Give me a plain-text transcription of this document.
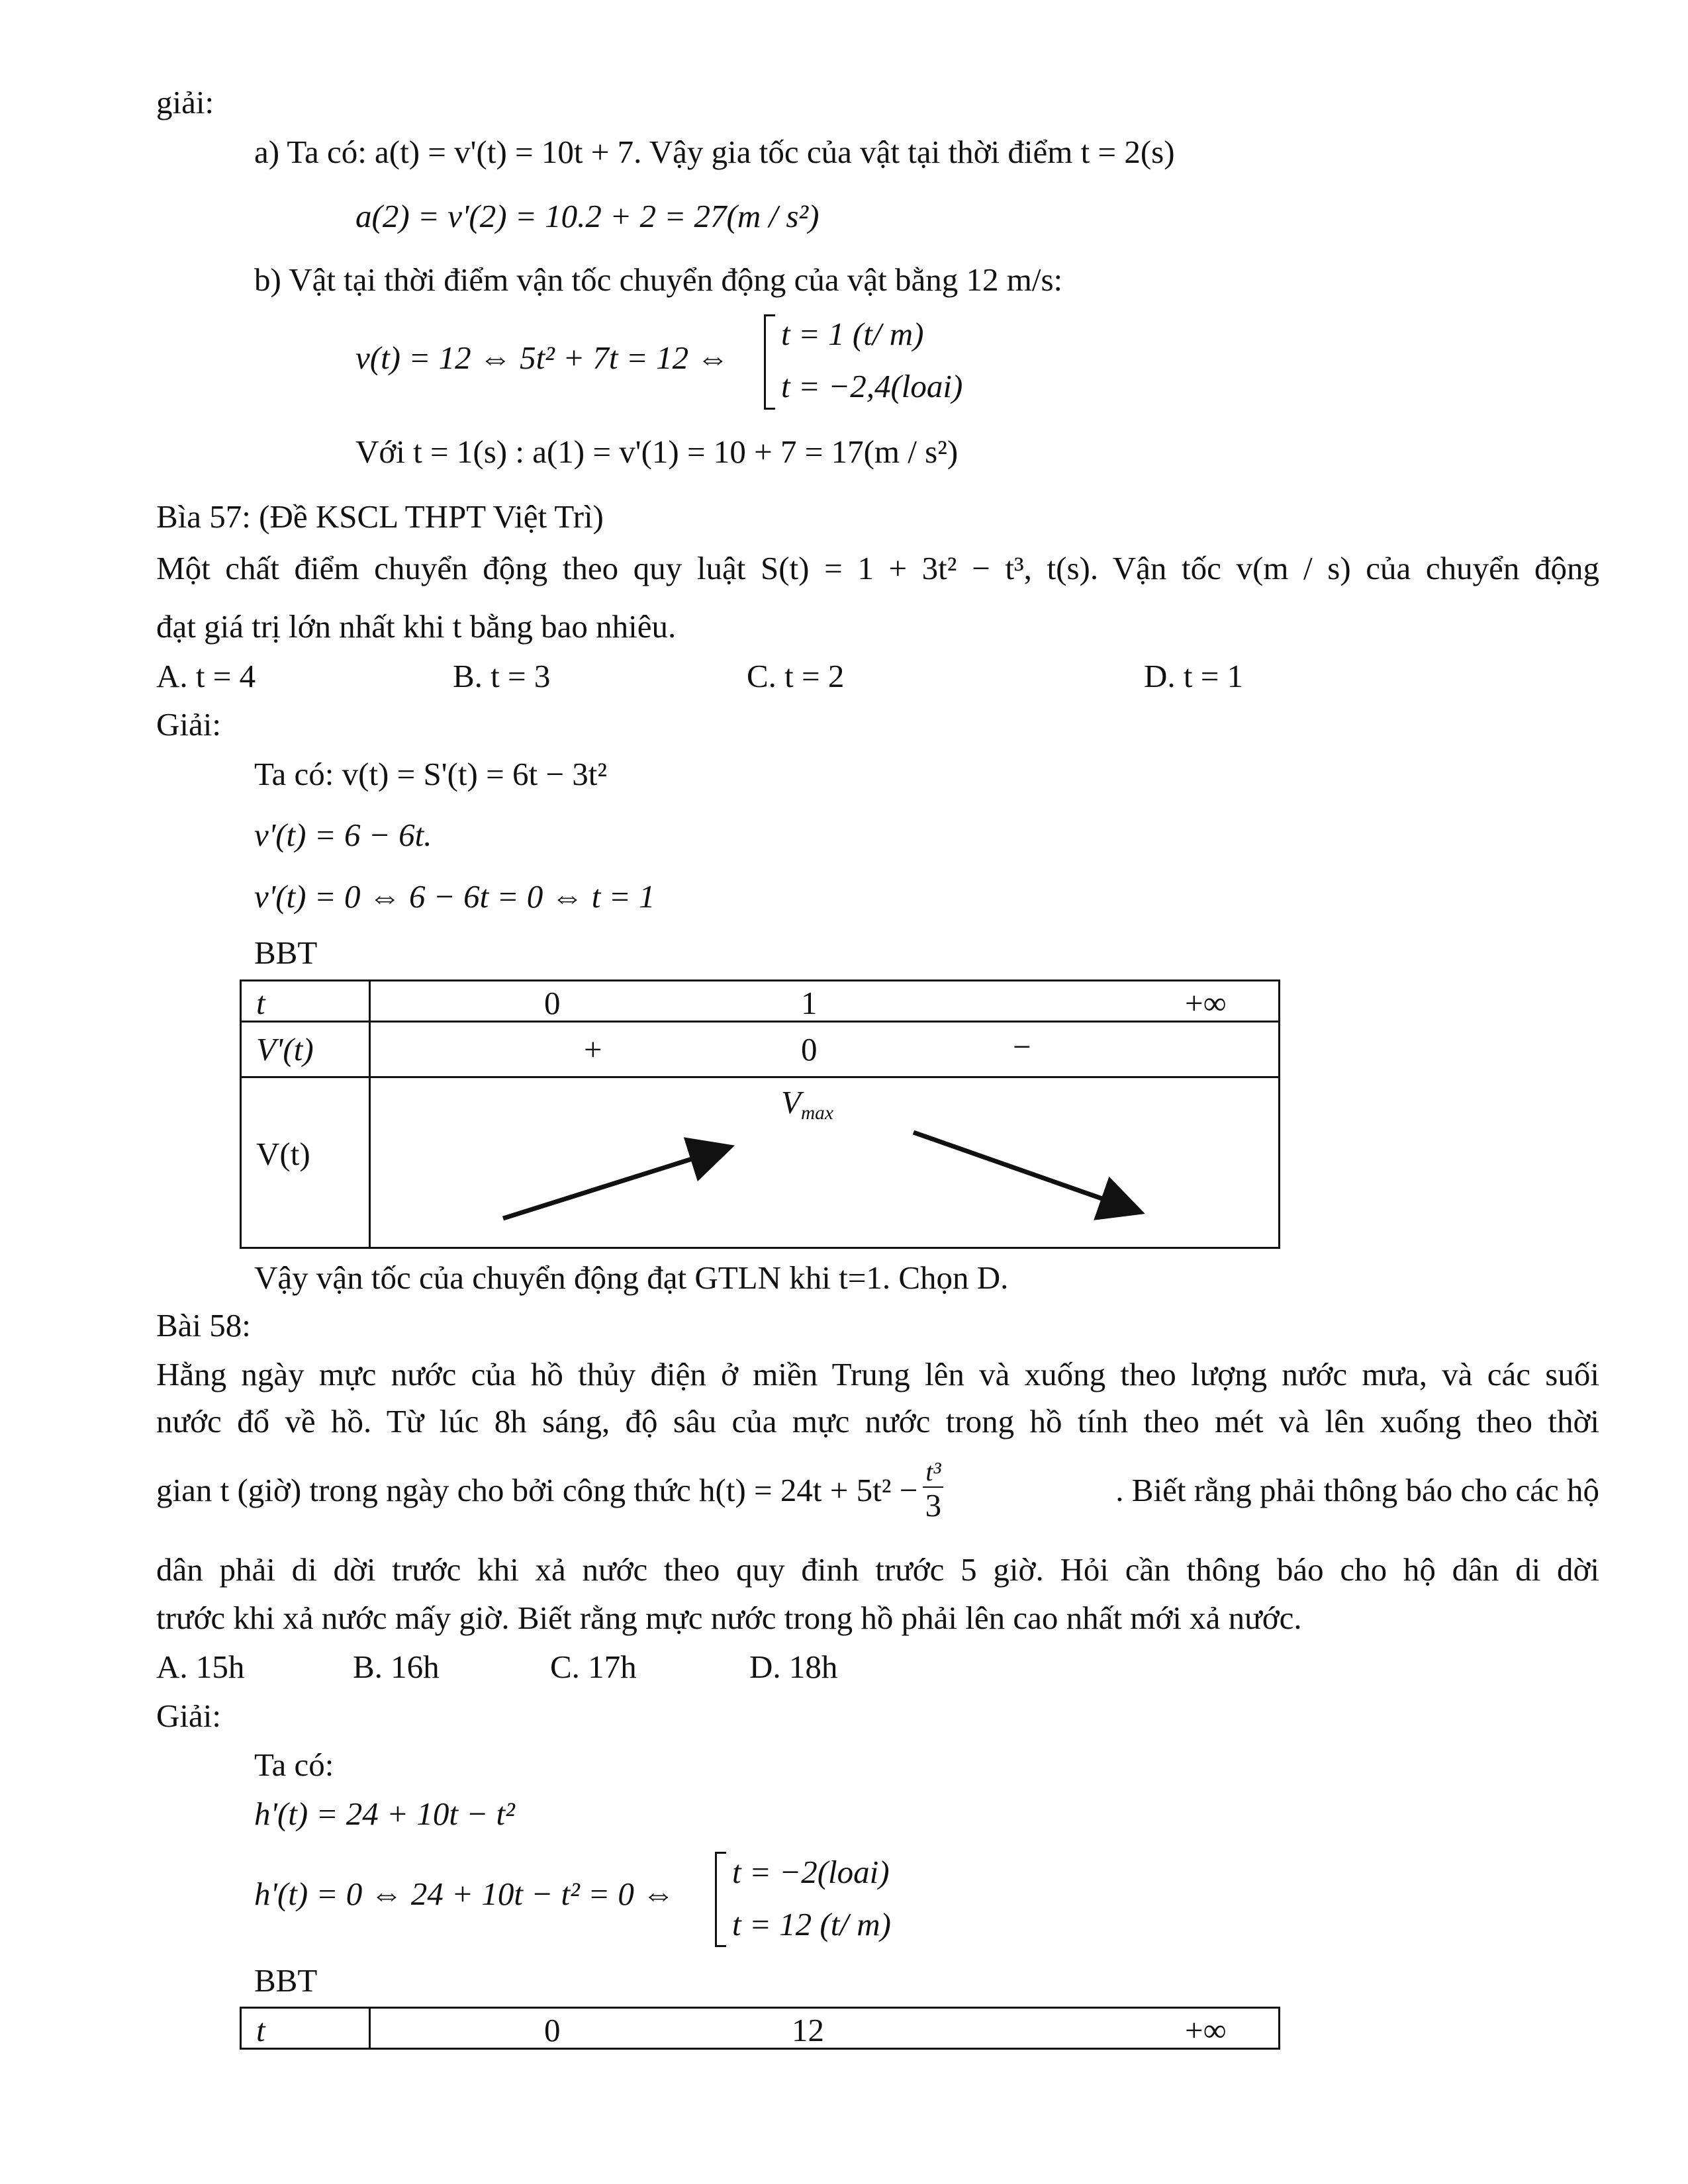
giải:
a) Ta có: a(t) = v'(t) = 10t + 7. Vậy gia tốc của vật tại thời điểm t = 2(s)
a(2) = v'(2) = 10.2 + 2 = 27(m / s²)
b) Vật tại thời điểm vận tốc chuyển động của vật bằng 12 m/s:
v(t) = 12 ⇔ 5t² + 7t = 12 ⇔
t = 1 (t/ m)
t = −2,4(loai)
Với t = 1(s) : a(1) = v'(1) = 10 + 7 = 17(m / s²)
Bìa 57: (Đề KSCL THPT Việt Trì)
Một chất điểm chuyển động theo quy luật S(t) = 1 + 3t² − t³, t(s). Vận tốc v(m / s) của chuyển động
đạt giá trị lớn nhất khi t bằng bao nhiêu.
A. t = 4	B. t = 3	C. t = 2	D. t = 1
Giải:
Ta có: v(t) = S'(t) = 6t − 3t²
v'(t) = 6 − 6t.
v'(t) = 0 ⇔ 6 − 6t = 0 ⇔ t = 1
BBT
t	0 1 +∞

V'(t)	+ 0 −

V(t)	$V_{max}$
Vậy vận tốc của chuyển động đạt GTLN khi t=1. Chọn D.
Bài 58:
Hằng ngày mực nước của hồ thủy điện ở miền Trung lên và xuống theo lượng nước mưa, và các suối
nước đổ về hồ. Từ lúc 8h sáng, độ sâu của mực nước trong hồ tính theo mét và lên xuống theo thời
gian t (giờ) trong ngày cho bởi công thức $h(t) = 24t + 5t^2 - \frac{\text{t³}}{3}$	. Biết rằng phải thông báo cho các hộ
dân phải di dời trước khi xả nước theo quy đinh trước 5 giờ. Hỏi cần thông báo cho hộ dân di dời
trước khi xả nước mấy giờ. Biết rằng mực nước trong hồ phải lên cao nhất mới xả nước.
A. 15h	B. 16h	C. 17h	D. 18h
Giải:
Ta có:
h'(t) = 24 + 10t − t²
h'(t) = 0 ⇔ 24 + 10t − t² = 0 ⇔
t = −2(loai)
t = 12 (t/ m)
BBT
t	0	12	+∞
